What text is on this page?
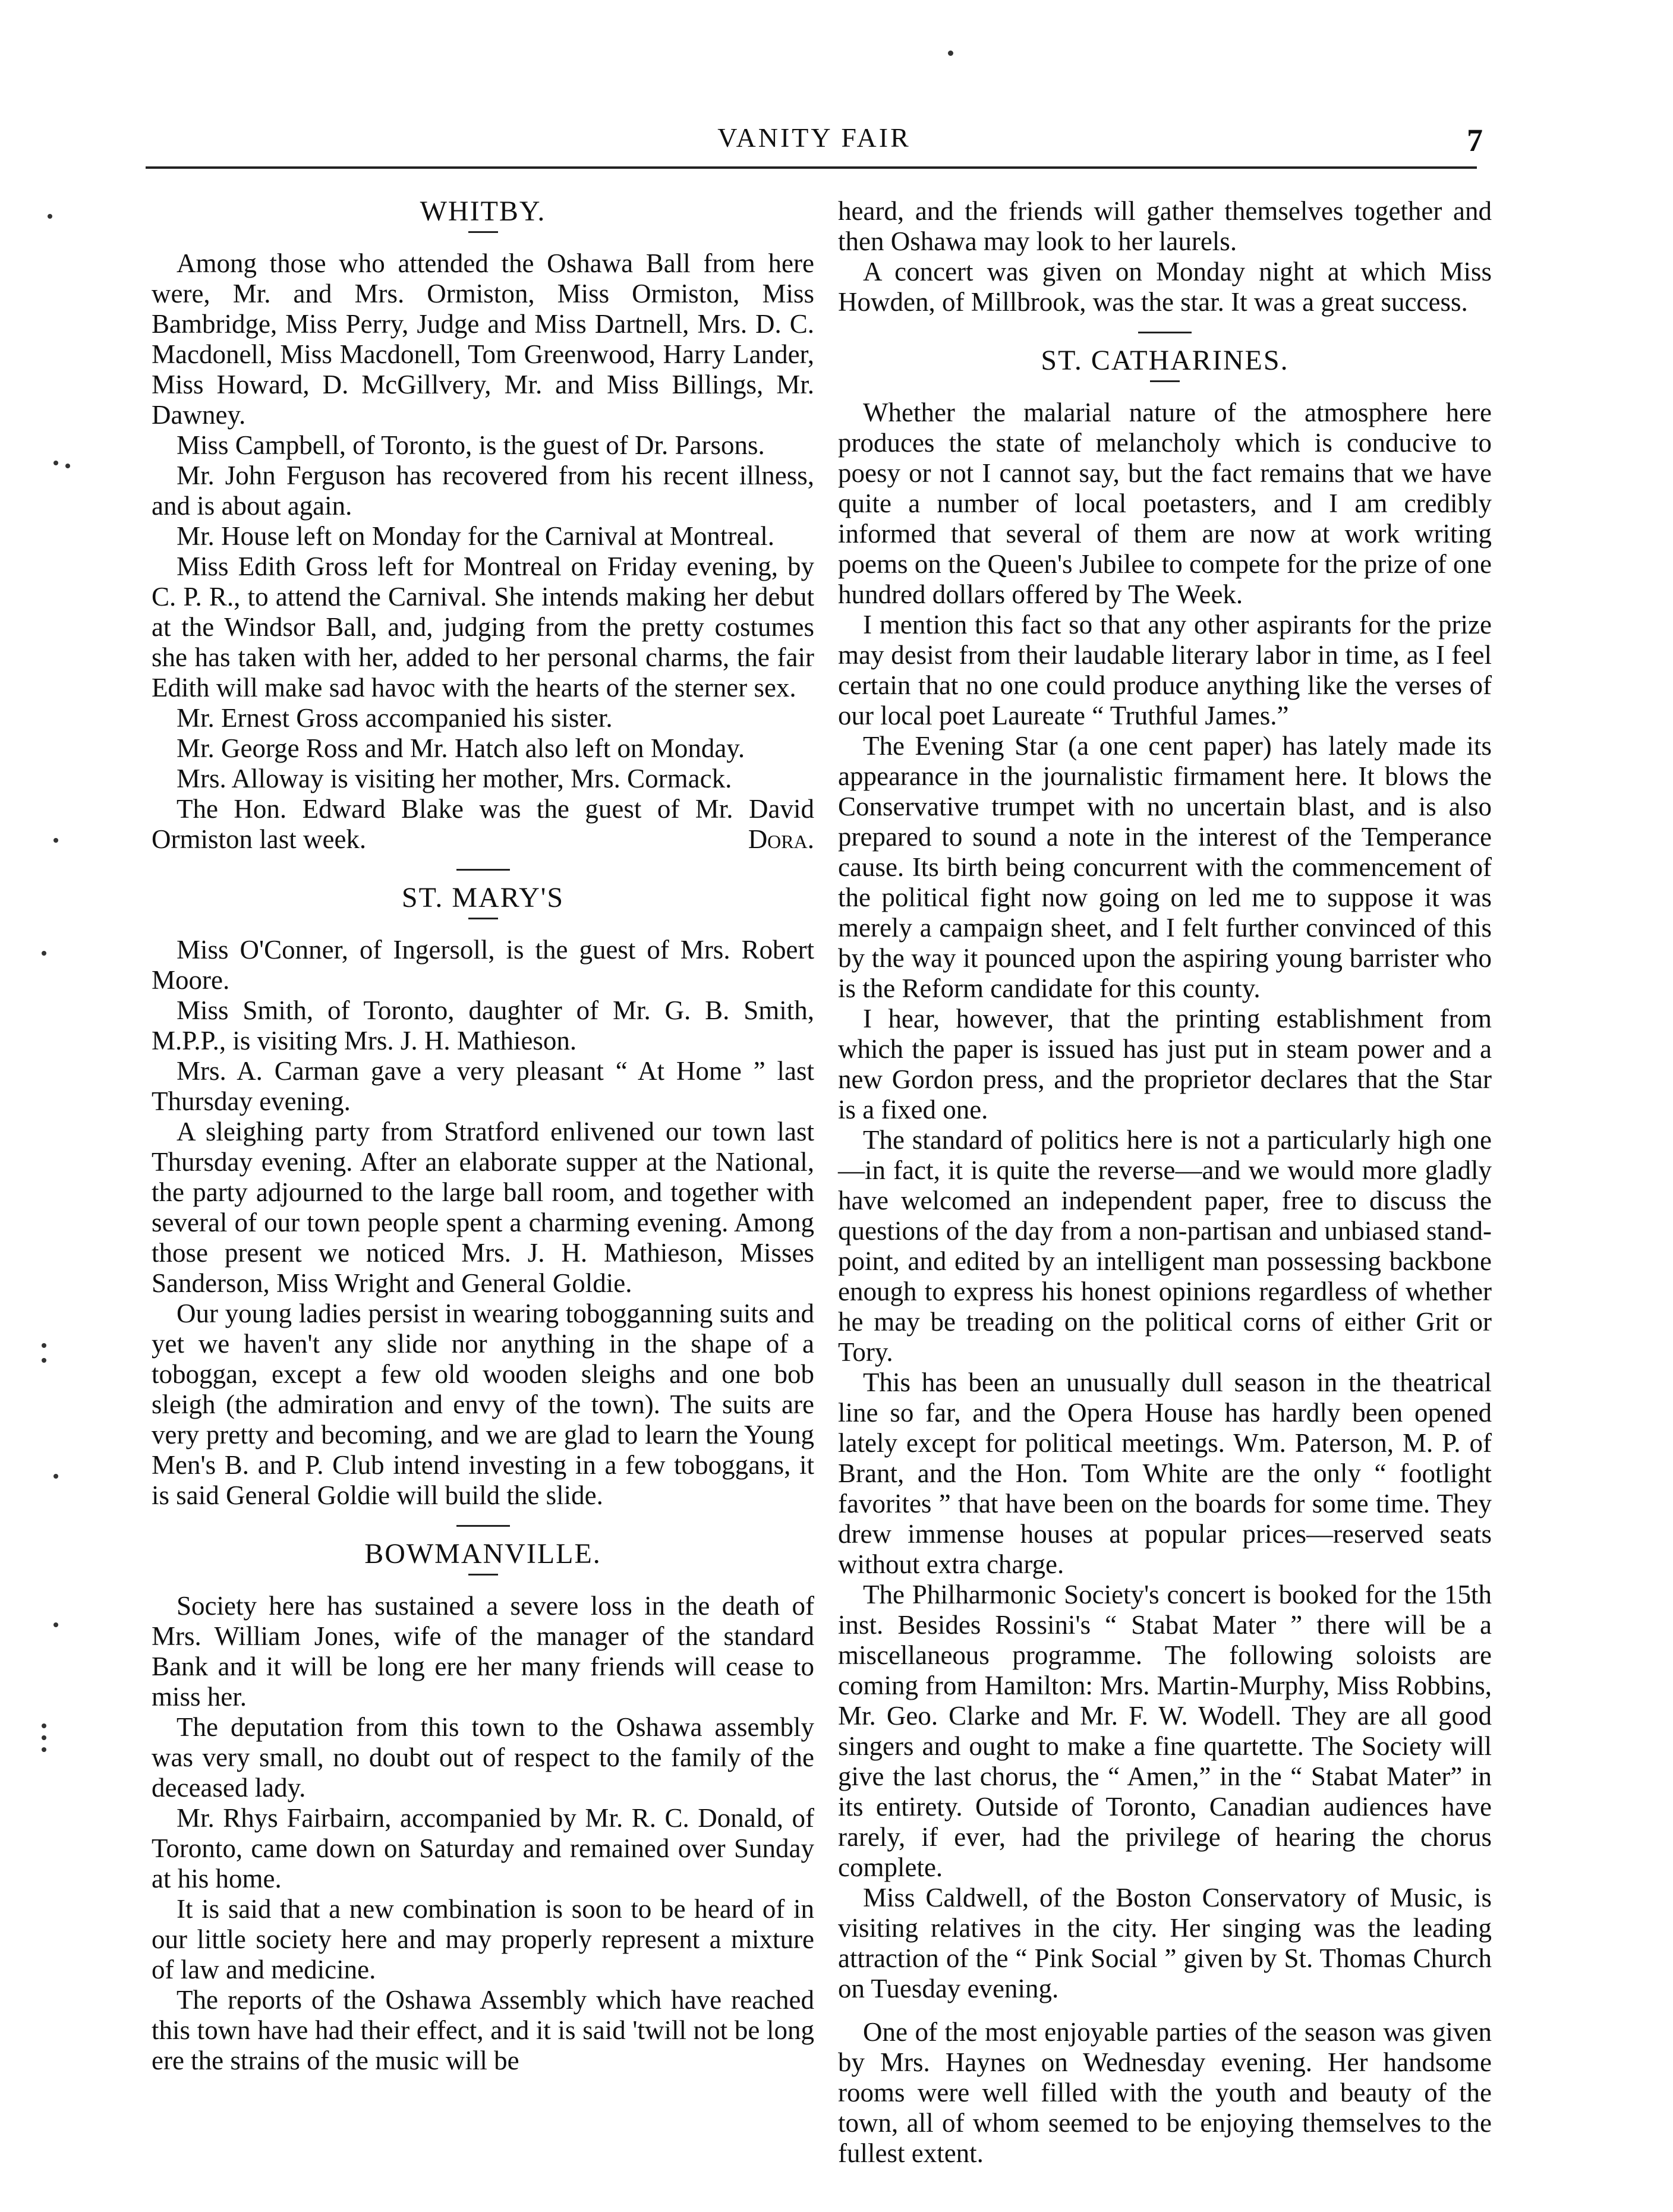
VANITY FAIR	7
WHITBY.

Among those who attended the Oshawa Ball from here were, Mr. and Mrs. Ormiston, Miss Ormiston, Miss Bambridge, Miss Perry, Judge and Miss Dartnell, Mrs. D. C. Macdonell, Miss Macdonell, Tom Greenwood, Harry Lander, Miss Howard, D. McGillvery, Mr. and Miss Billings, Mr. Dawney.

Miss Campbell, of Toronto, is the guest of Dr. Parsons.

Mr. John Ferguson has recovered from his recent illness, and is about again.

Mr. House left on Monday for the Carnival at Montreal.

Miss Edith Gross left for Montreal on Friday evening, by C. P. R., to attend the Carnival. She intends making her debut at the Windsor Ball, and, judging from the pretty costumes she has taken with her, added to her personal charms, the fair Edith will make sad havoc with the hearts of the sterner sex.

Mr. Ernest Gross accompanied his sister.

Mr. George Ross and Mr. Hatch also left on Monday.

Mrs. Alloway is visiting her mother, Mrs. Cormack.

The Hon. Edward Blake was the guest of Mr. David Ormiston last week.	Dora.

ST. MARY'S

Miss O'Conner, of Ingersoll, is the guest of Mrs. Robert Moore.

Miss Smith, of Toronto, daughter of Mr. G. B. Smith, M.P.P., is visiting Mrs. J. H. Mathieson.

Mrs. A. Carman gave a very pleasant “ At Home ” last Thursday evening.

A sleighing party from Stratford enlivened our town last Thursday evening. After an elaborate supper at the National, the party adjourned to the large ball room, and together with several of our town people spent a charming evening. Among those present we noticed Mrs. J. H. Mathieson, Misses Sanderson, Miss Wright and General Goldie.

Our young ladies persist in wearing tobogganning suits and yet we haven't any slide nor anything in the shape of a toboggan, except a few old wooden sleighs and one bob sleigh (the admiration and envy of the town). The suits are very pretty and becoming, and we are glad to learn the Young Men's B. and P. Club intend investing in a few toboggans, it is said General Goldie will build the slide.

BOWMANVILLE.

Society here has sustained a severe loss in the death of Mrs. William Jones, wife of the manager of the standard Bank and it will be long ere her many friends will cease to miss her.

The deputation from this town to the Oshawa assembly was very small, no doubt out of respect to the family of the deceased lady.

Mr. Rhys Fairbairn, accompanied by Mr. R. C. Donald, of Toronto, came down on Saturday and remained over Sunday at his home.

It is said that a new combination is soon to be heard of in our little society here and may properly represent a mixture of law and medicine.

The reports of the Oshawa Assembly which have reached this town have had their effect, and it is said 'twill not be long ere the strains of the music will be

heard, and the friends will gather themselves together and then Oshawa may look to her laurels.

A concert was given on Monday night at which Miss Howden, of Millbrook, was the star. It was a great success.

ST. CATHARINES.

Whether the malarial nature of the atmosphere here produces the state of melancholy which is conducive to poesy or not I cannot say, but the fact remains that we have quite a number of local poetasters, and I am credibly informed that several of them are now at work writing poems on the Queen's Jubilee to compete for the prize of one hundred dollars offered by The Week.

I mention this fact so that any other aspirants for the prize may desist from their laudable literary labor in time, as I feel certain that no one could produce anything like the verses of our local poet Laureate “ Truthful James.”

The Evening Star (a one cent paper) has lately made its appearance in the journalistic firmament here. It blows the Conservative trumpet with no uncertain blast, and is also prepared to sound a note in the interest of the Temperance cause. Its birth being concurrent with the commencement of the political fight now going on led me to suppose it was merely a campaign sheet, and I felt further convinced of this by the way it pounced upon the aspiring young barrister who is the Reform candidate for this county.

I hear, however, that the printing establishment from which the paper is issued has just put in steam power and a new Gordon press, and the proprietor declares that the Star is a fixed one.

The standard of politics here is not a particularly high one—in fact, it is quite the reverse—and we would more gladly have welcomed an independent paper, free to discuss the questions of the day from a non-partisan and unbiased stand-point, and edited by an intelligent man possessing backbone enough to express his honest opinions regardless of whether he may be treading on the political corns of either Grit or Tory.

This has been an unusually dull season in the theatrical line so far, and the Opera House has hardly been opened lately except for political meetings. Wm. Paterson, M. P. of Brant, and the Hon. Tom White are the only “ footlight favorites ” that have been on the boards for some time. They drew immense houses at popular prices—reserved seats without extra charge.

The Philharmonic Society's concert is booked for the 15th inst. Besides Rossini's “ Stabat Mater ” there will be a miscellaneous programme. The following soloists are coming from Hamilton: Mrs. Martin-Murphy, Miss Robbins, Mr. Geo. Clarke and Mr. F. W. Wodell. They are all good singers and ought to make a fine quartette. The Society will give the last chorus, the “ Amen,” in the “ Stabat Mater” in its entirety. Outside of Toronto, Canadian audiences have rarely, if ever, had the privilege of hearing the chorus complete.

Miss Caldwell, of the Boston Conservatory of Music, is visiting relatives in the city. Her singing was the leading attraction of the “ Pink Social ” given by St. Thomas Church on Tuesday evening.

One of the most enjoyable parties of the season was given by Mrs. Haynes on Wednesday evening. Her handsome rooms were well filled with the youth and beauty of the town, all of whom seemed to be enjoying themselves to the fullest extent.
